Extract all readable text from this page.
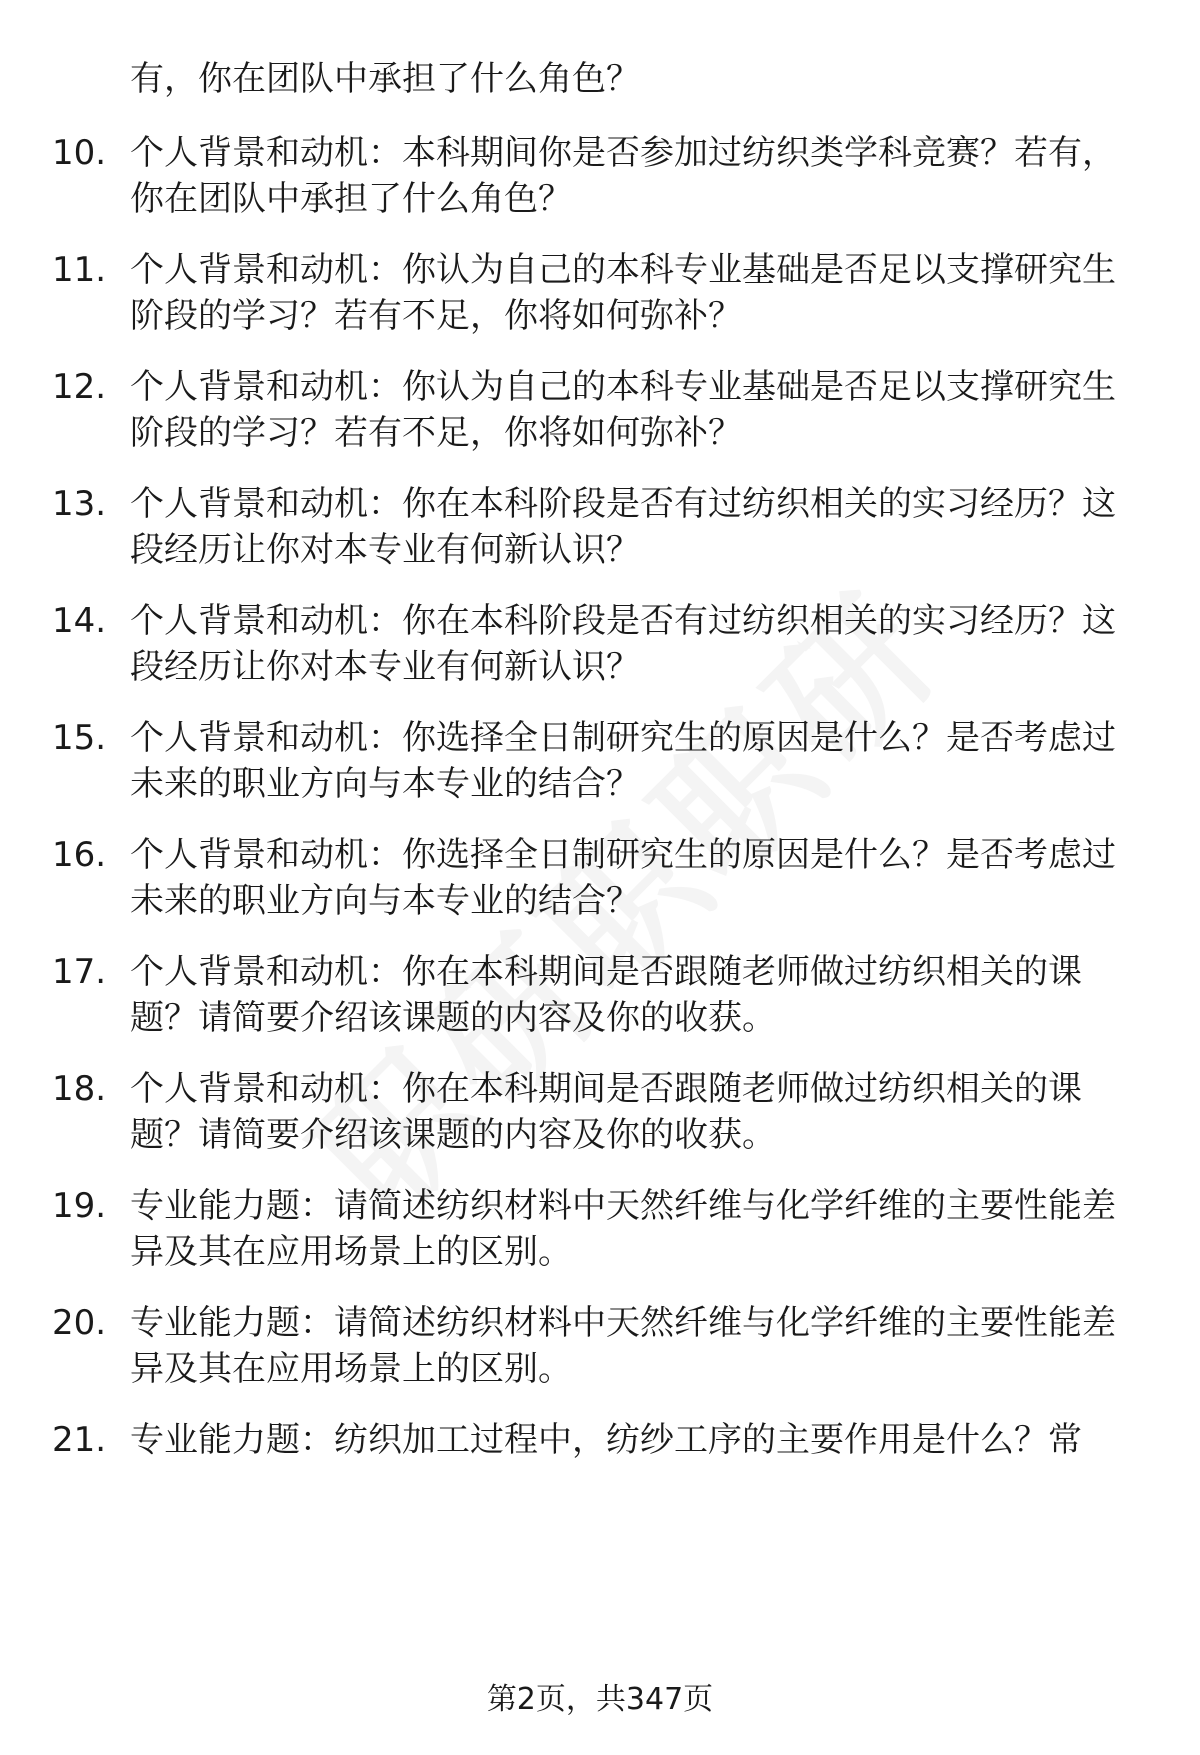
有，你在团队中承担了什么角色？
10. 个人背景和动机：本科期间你是否参加过纺织类学科竞赛？若有，你在团队中承担了什么角色？
11. 个人背景和动机：你认为自己的本科专业基础是否足以支撑研究生阶段的学习？若有不足，你将如何弥补？
12. 个人背景和动机：你认为自己的本科专业基础是否足以支撑研究生阶段的学习？若有不足，你将如何弥补？
13. 个人背景和动机：你在本科阶段是否有过纺织相关的实习经历？这段经历让你对本专业有何新认识？
14. 个人背景和动机：你在本科阶段是否有过纺织相关的实习经历？这段经历让你对本专业有何新认识？
15. 个人背景和动机：你选择全日制研究生的原因是什么？是否考虑过未来的职业方向与本专业的结合？
16. 个人背景和动机：你选择全日制研究生的原因是什么？是否考虑过未来的职业方向与本专业的结合？
17. 个人背景和动机：你在本科期间是否跟随老师做过纺织相关的课题？请简要介绍该课题的内容及你的收获。
18. 个人背景和动机：你在本科期间是否跟随老师做过纺织相关的课题？请简要介绍该课题的内容及你的收获。
19. 专业能力题：请简述纺织材料中天然纤维与化学纤维的主要性能差异及其在应用场景上的区别。
20. 专业能力题：请简述纺织材料中天然纤维与化学纤维的主要性能差异及其在应用场景上的区别。
21. 专业能力题：纺织加工过程中，纺纱工序的主要作用是什么？常
第2页，共347页
